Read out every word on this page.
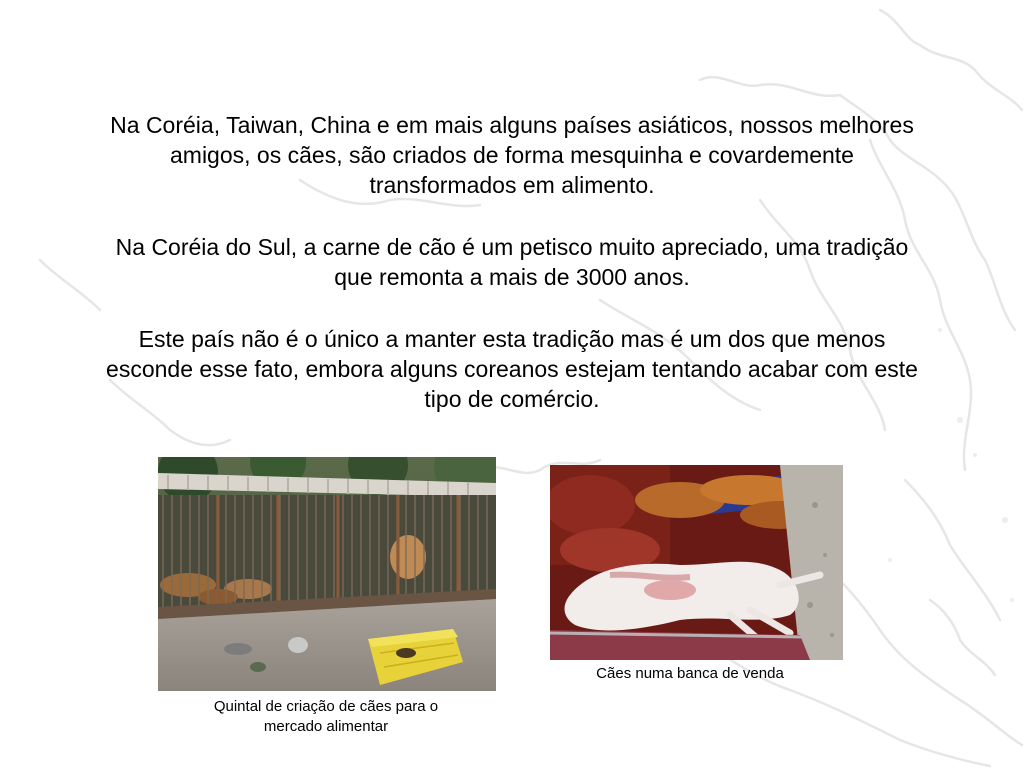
Na Coréia, Taiwan, China e em mais alguns países asiáticos, nossos melhores amigos, os cães, são criados de forma mesquinha e covardemente transformados em alimento.

Na Coréia do Sul, a carne de cão é um petisco muito apreciado, uma tradição que remonta a mais de 3000 anos.

Este país não é o único a manter esta tradição mas é um dos que menos esconde esse fato, embora alguns coreanos estejam tentando acabar com este tipo de comércio.

Quintal de criação de cães para o mercado alimentar

Cães numa banca de venda
